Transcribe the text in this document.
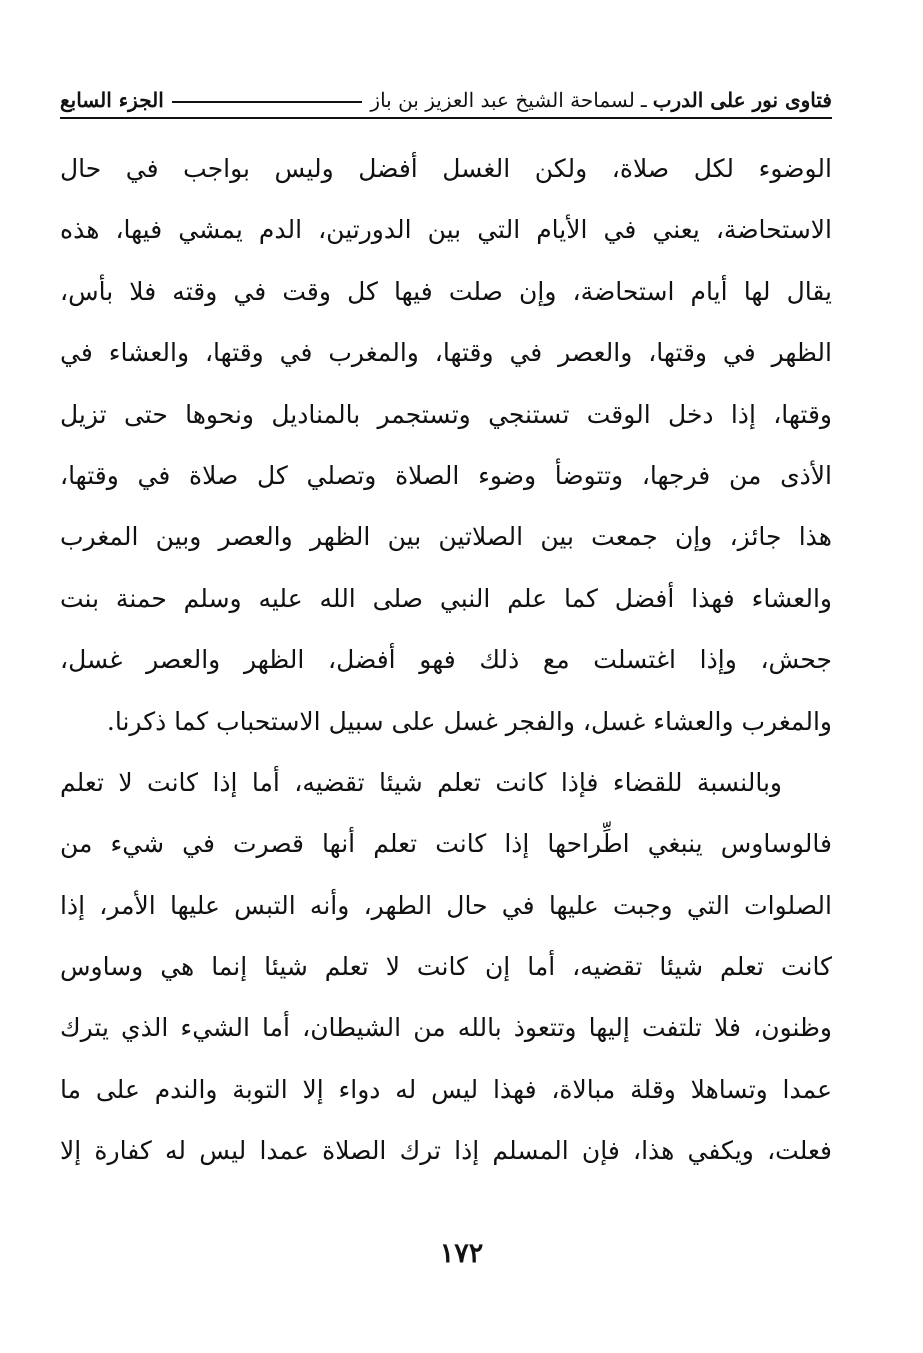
فتاوى نور على الدرب
ـ
لسماحة الشيخ عبد العزيز بن باز
الجزء السابع
الوضوء لكل صلاة، ولكن الغسل أفضل وليس بواجب في حال
الاستحاضة، يعني في الأيام التي بين الدورتين، الدم يمشي فيها، هذه
يقال لها أيام استحاضة، وإن صلت فيها كل وقت في وقته فلا بأس،
الظهر في وقتها، والعصر في وقتها، والمغرب في وقتها، والعشاء في
وقتها، إذا دخل الوقت تستنجي وتستجمر بالمناديل ونحوها حتى تزيل
الأذى من فرجها، وتتوضأ وضوء الصلاة وتصلي كل صلاة في وقتها،
هذا جائز، وإن جمعت بين الصلاتين بين الظهر والعصر وبين المغرب
والعشاء فهذا أفضل كما علم النبي صلى الله عليه وسلم حمنة بنت
جحش، وإذا اغتسلت مع ذلك فهو أفضل، الظهر والعصر غسل،
والمغرب والعشاء غسل، والفجر غسل على سبيل الاستحباب كما ذكرنا.
وبالنسبة للقضاء فإذا كانت تعلم شيئا تقضيه، أما إذا كانت لا تعلم
فالوساوس ينبغي اطِّراحها إذا كانت تعلم أنها قصرت في شيء من
الصلوات التي وجبت عليها في حال الطهر، وأنه التبس عليها الأمر، إذا
كانت تعلم شيئا تقضيه، أما إن كانت لا تعلم شيئا إنما هي وساوس
وظنون، فلا تلتفت إليها وتتعوذ بالله من الشيطان، أما الشيء الذي يترك
عمدا وتساهلا وقلة مبالاة، فهذا ليس له دواء إلا التوبة والندم على ما
فعلت، ويكفي هذا، فإن المسلم إذا ترك الصلاة عمدا ليس له كفارة إلا
١٧٢
